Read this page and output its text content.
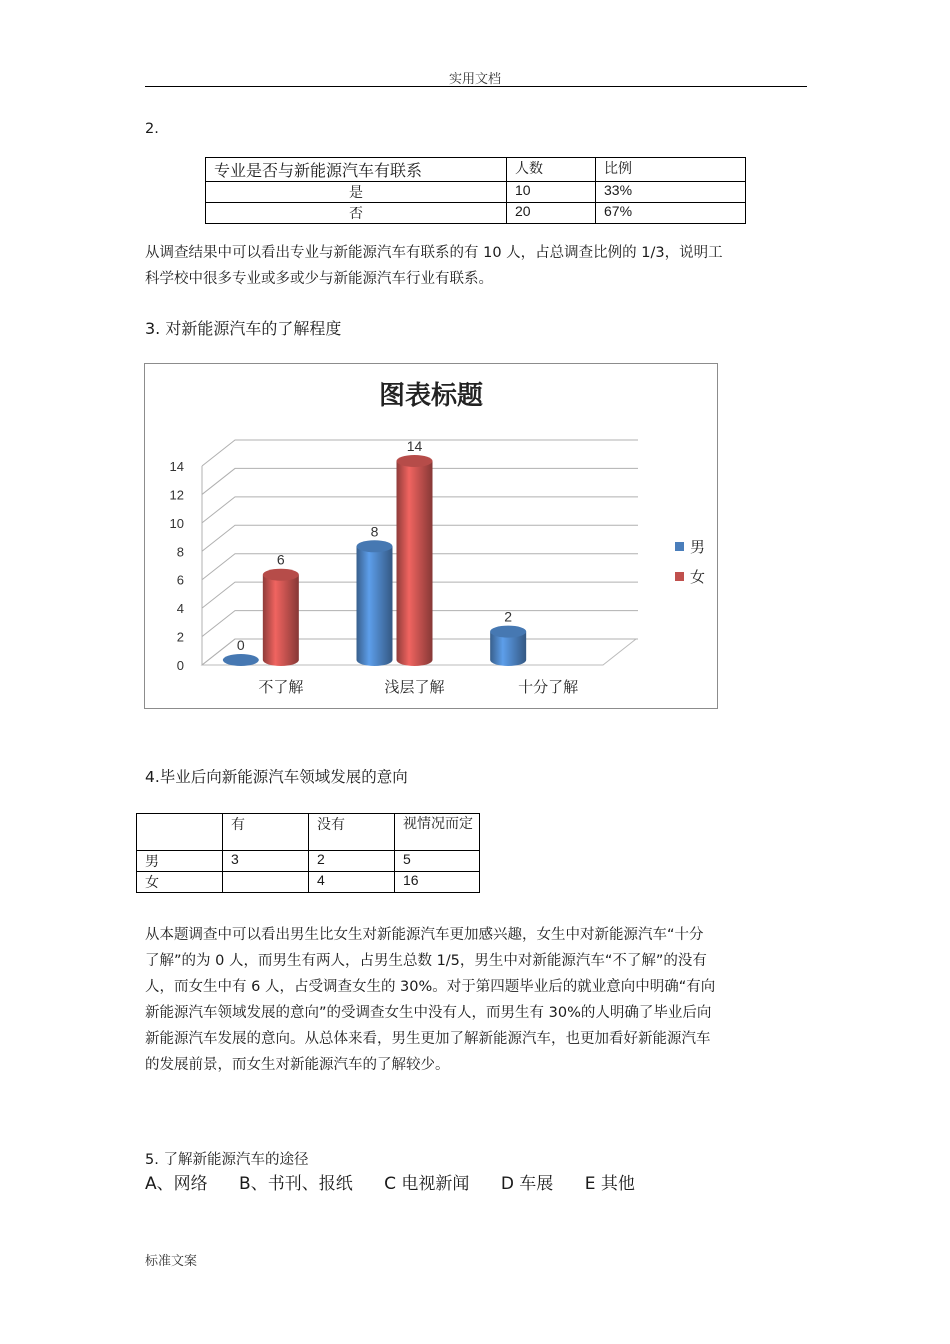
实用文档
2.
专业是否与新能源汽车有联系	人数	比例
是	10	33%
否	20	67%
从调查结果中可以看出专业与新能源汽车有联系的有 10 人，占总调查比例的 1/3，说明工
科学校中很多专业或多或少与新能源汽车行业有联系。
3. 对新能源汽车的了解程度
图表标题
0
2
4
6
8
10
12
14
不了解
0
6
浅层了解
8
14
十分了解
2
男
女
4.毕业后向新能源汽车领域发展的意向
	有	没有	视情况而定
男	3	2	5
女		4	16
从本题调查中可以看出男生比女生对新能源汽车更加感兴趣，女生中对新能源汽车“十分
了解”的为 0 人，而男生有两人，占男生总数 1/5，男生中对新能源汽车“不了解”的没有
人，而女生中有 6 人，占受调查女生的 30%。对于第四题毕业后的就业意向中明确“有向
新能源汽车领域发展的意向”的受调查女生中没有人，而男生有 30%的人明确了毕业后向
新能源汽车发展的意向。从总体来看，男生更加了解新能源汽车，也更加看好新能源汽车
的发展前景，而女生对新能源汽车的了解较少。
5. 了解新能源汽车的途径
A、网络 B、书刊、报纸 C 电视新闻 D 车展 E 其他
标准文案
